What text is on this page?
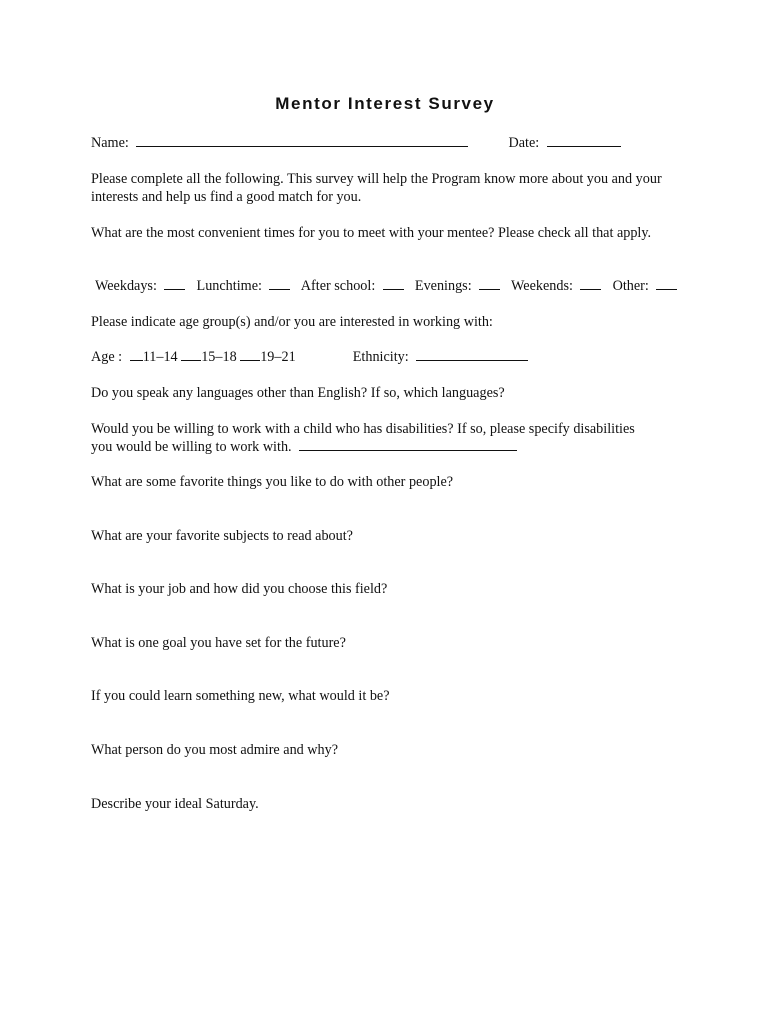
Mentor Interest Survey
Name:	Date:

Please complete all the following. This survey will help the Program know more about you and your interests and help us find a good match for you.

What are the most convenient times for you to meet with your mentee? Please check all that apply.

Weekdays:	Lunchtime:	After school:	Evenings:	Weekends:	Other:

Please indicate age group(s) and/or you are interested in working with:

Age : 11–14 15–18 19–21	Ethnicity:

Do you speak any languages other than English? If so, which languages?

Would you be willing to work with a child who has disabilities? If so, please specify disabilities
you would be willing to work with.
What are some favorite things you like to do with other people?
What are your favorite subjects to read about?
What is your job and how did you choose this field?
What is one goal you have set for the future?
If you could learn something new, what would it be?
What person do you most admire and why?
Describe your ideal Saturday.
